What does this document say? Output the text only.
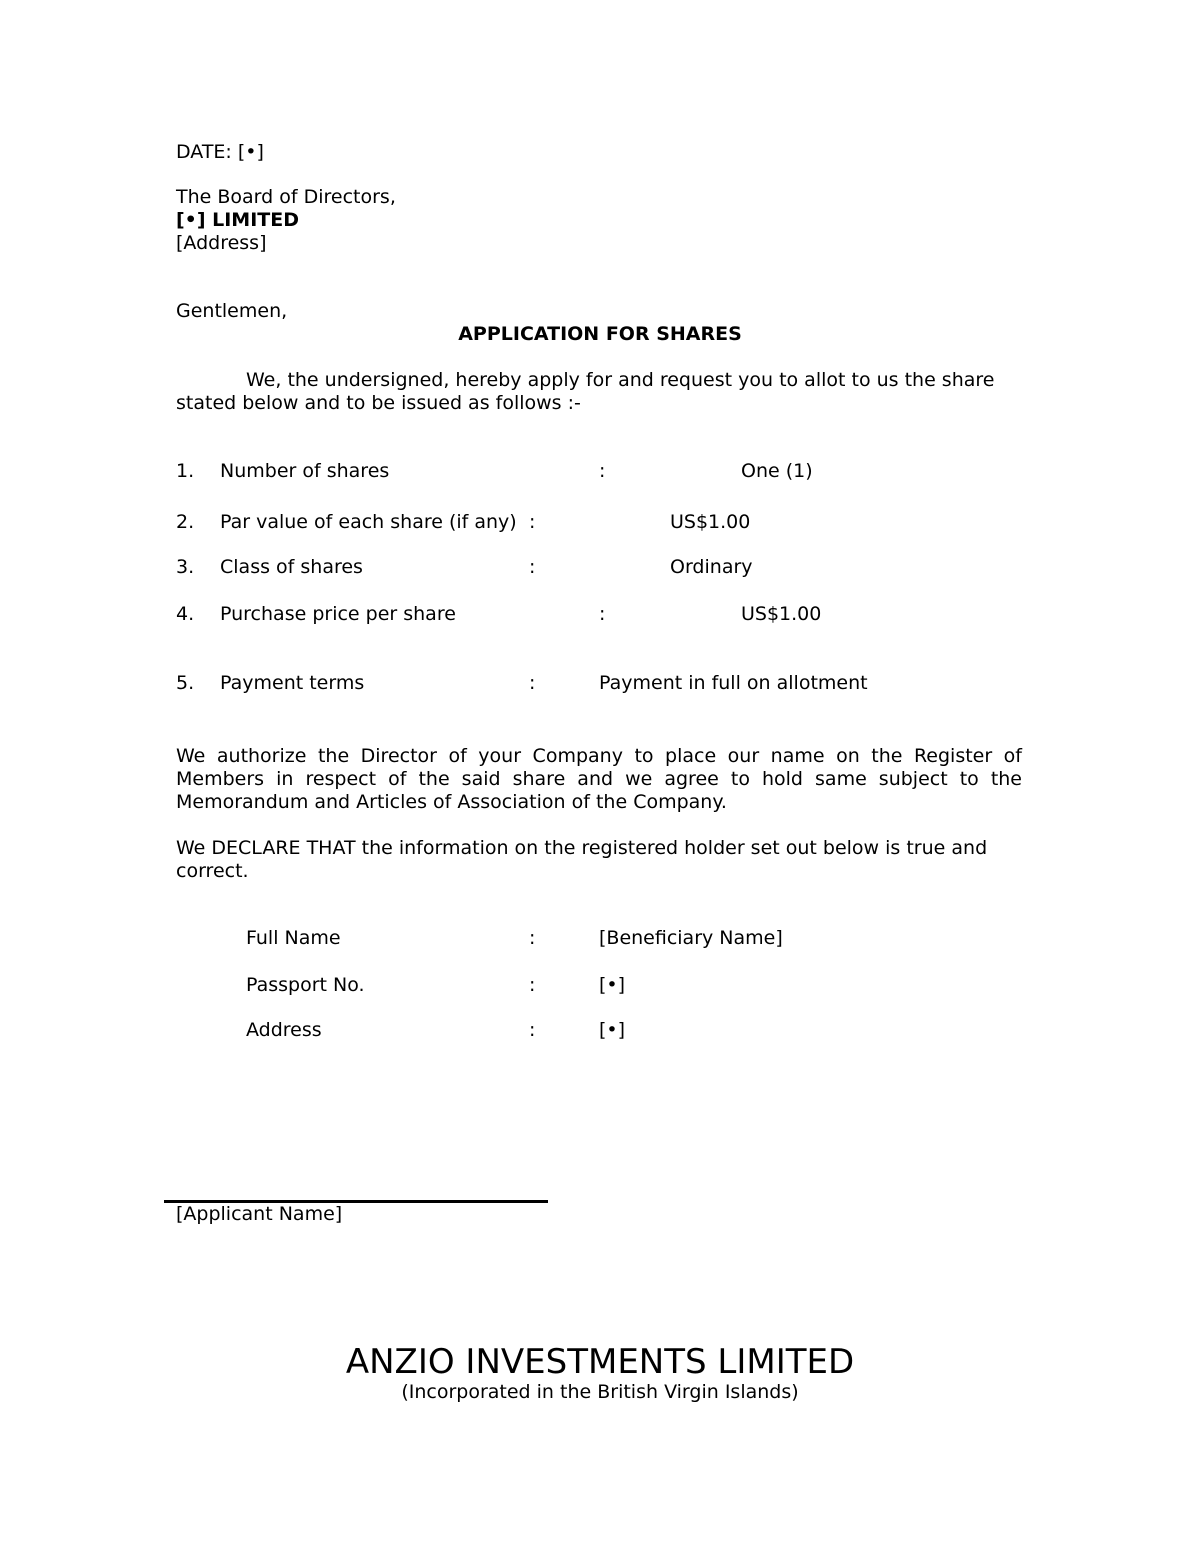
DATE: [•]
The Board of Directors,
[•] LIMITED
[Address]
Gentlemen,
APPLICATION FOR SHARES
We, the undersigned, hereby apply for and request you to allot to us the share
stated below and to be issued as follows :-
1. Number of shares	:	One (1)
2. Par value of each share (if any) :	US$1.00
3. Class of shares	:	Ordinary
4. Purchase price per share	:	US$1.00
5. Payment terms	:	Payment in full on allotment
We authorize the Director of your Company to place our name on the Register of Members in respect of the said share and we agree to hold same subject to the Memorandum and Articles of Association of the Company.
We DECLARE THAT the information on the registered holder set out below is true and correct.
Full Name	:	[Beneficiary Name]
Passport No.	:	[•]
Address	:	[•]
[Applicant Name]
ANZIO INVESTMENTS LIMITED
(Incorporated in the British Virgin Islands)
